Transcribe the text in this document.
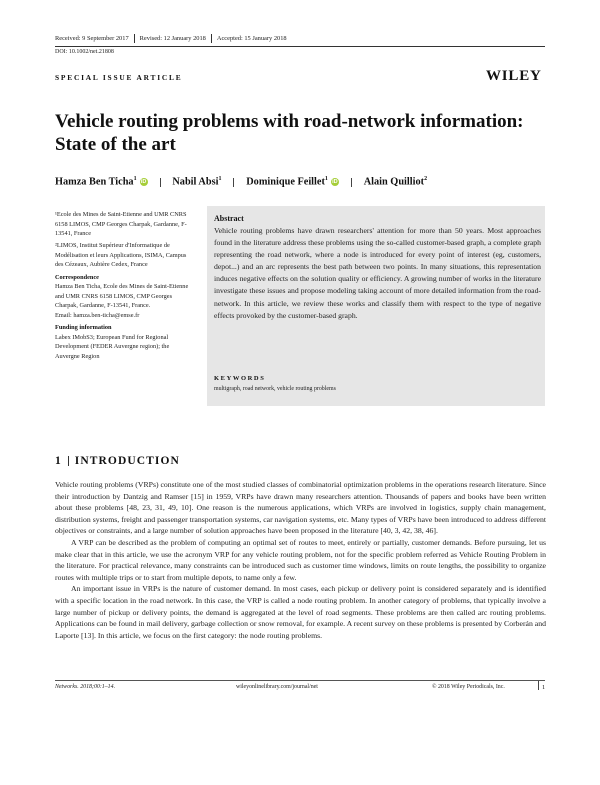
Received: 9 September 2017 Revised: 12 January 2018 Accepted: 15 January 2018
DOI: 10.1002/net.21808
SPECIAL ISSUE ARTICLE	WILEY
Vehicle routing problems with road-network information: State of the art
Hamza Ben Ticha$^1$iD	Nabil Absi$^1$ Dominique Feillet$^1$iD	Alain Quilliot$^2$

¹Ecole des Mines de Saint-Etienne and UMR CNRS 6158 LIMOS, CMP Georges Charpak, Gardanne, F-13541, France

²LIMOS, Institut Supérieur d'Informatique de Modélisation et leurs Applications, ISIMA, Campus des Cézeaux, Aubière Cedex, France

Correspondence
Hamza Ben Ticha, Ecole des Mines de Saint-Etienne and UMR CNRS 6158 LIMOS, CMP Georges Charpak, Gardanne, F-13541, France.

Email: hamza.ben-ticha@emse.fr

Funding information
Labex IMobS3; European Fund for Regional Development (FEDER Auvergne region); the Auvergne Region
Abstract
Vehicle routing problems have drawn researchers' attention for more than 50 years. Most approaches found in the literature address these problems using the so-called customer-based graph, a complete graph representing the road network, where a node is introduced for every point of interest (eg, customers, depot...) and an arc represents the best path between two points. In many situations, this representation induces negative effects on the solution quality or efficiency. A growing number of works in the literature investigate these issues and propose modeling taking account of more detailed information from the road-network. In this article, we review these works and classify them with respect to the type of negative effects provoked by the customer-based graph.
KEYWORDS
multigraph, road network, vehicle routing problems
1 INTRODUCTION

Vehicle routing problems (VRPs) constitute one of the most studied classes of combinatorial optimization problems in the operations research literature. Since their introduction by Dantzig and Ramser [15] in 1959, VRPs have drawn many researchers attention. Thousands of papers and books have been written about these problems [48, 23, 31, 49, 10]. One reason is the numerous applications, which VRPs are involved in logistics, supply chain management, distribution systems, freight and passenger transportation systems, car navigation systems, etc. Many types of VRPs have been introduced to address different objectives or constraints, and a large number of solution approaches have been proposed in the literature [40, 3, 42, 38, 46].

A VRP can be described as the problem of computing an optimal set of routes to meet, entirely or partially, customer demands. Before pursuing, let us make clear that in this article, we use the acronym VRP for any vehicle routing problem, not for the specific problem referred as Vehicle Routing Problem in the literature. For practical relevance, many constraints can be introduced such as customer time windows, limits on route lengths, the possibility to organize routes with multiple trips or to start from multiple depots, to name only a few.

An important issue in VRPs is the nature of customer demand. In most cases, each pickup or delivery point is considered separately and is identified with a specific location in the road network. In this case, the VRP is called a node routing problem. In another category of problems, that typically involve a large number of pickup or delivery points, the demand is aggregated at the level of road segments. These problems are then called arc routing problems. Applications can be found in mail delivery, garbage collection or snow removal, for example. A recent survey on these problems is presented by Corberán and Laporte [13]. In this article, we focus on the first category: the node routing problems.

Networks. 2018;00:1–14.	wileyonlinelibrary.com/journal/net	© 2018 Wiley Periodicals, Inc.	1
